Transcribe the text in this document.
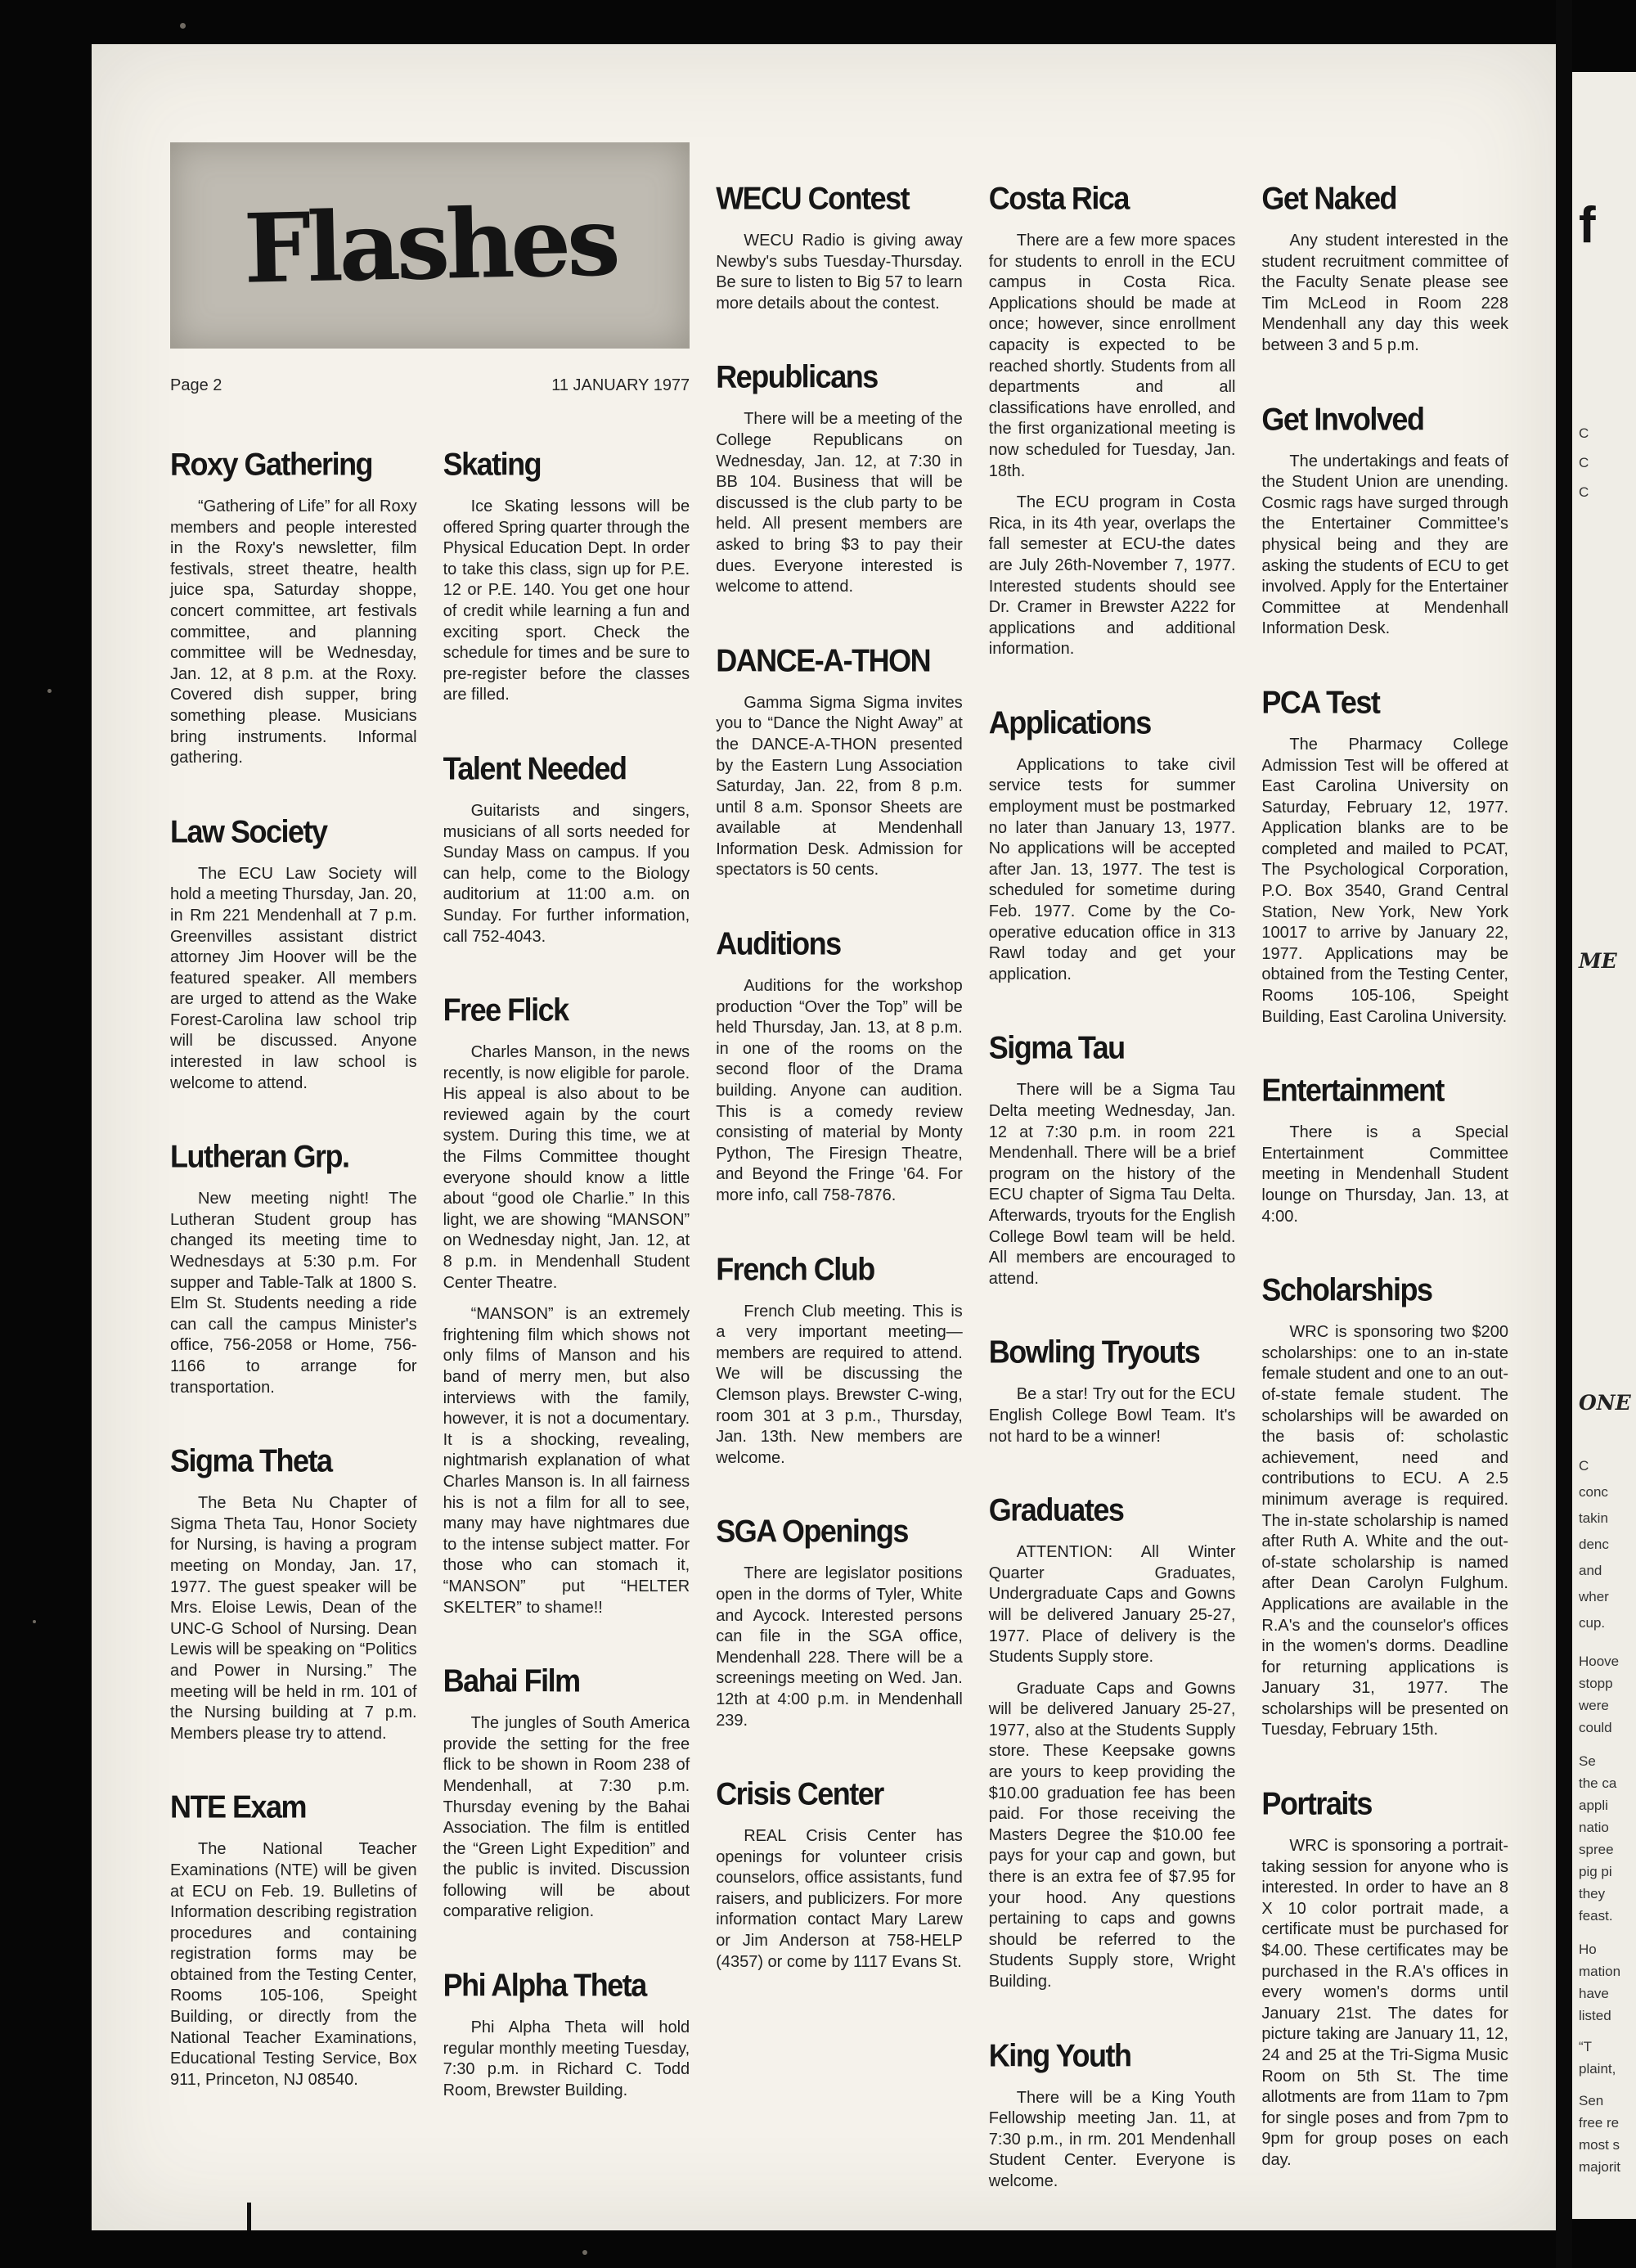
Flashes
Page 2	11 JANUARY 1977
Roxy Gathering

“Gathering of Life” for all Roxy members and people interested in the Roxy's newsletter, film festivals, street theatre, health juice spa, Saturday shoppe, concert committee, art festivals committee, and planning committee will be Wednesday, Jan. 12, at 8 p.m. at the Roxy. Covered dish supper, bring something please. Musicians bring instruments. Informal gathering.

Law Society

The ECU Law Society will hold a meeting Thursday, Jan. 20, in Rm 221 Mendenhall at 7 p.m. Greenvilles assistant district attorney Jim Hoover will be the featured speaker. All members are urged to attend as the Wake Forest-Carolina law school trip will be discussed. Anyone interested in law school is welcome to attend.

Lutheran Grp.

New meeting night! The Lutheran Student group has changed its meeting time to Wednesdays at 5:30 p.m. For supper and Table-Talk at 1800 S. Elm St. Students needing a ride can call the campus Minister's office, 756-2058 or Home, 756-1166 to arrange for transportation.

Sigma Theta

The Beta Nu Chapter of Sigma Theta Tau, Honor Society for Nursing, is having a program meeting on Monday, Jan. 17, 1977. The guest speaker will be Mrs. Eloise Lewis, Dean of the UNC-G School of Nursing. Dean Lewis will be speaking on “Politics and Power in Nursing.” The meeting will be held in rm. 101 of the Nursing building at 7 p.m. Members please try to attend.

NTE Exam

The National Teacher Examinations (NTE) will be given at ECU on Feb. 19. Bulletins of Information describing registration procedures and containing registration forms may be obtained from the Testing Center, Rooms 105-106, Speight Building, or directly from the National Teacher Examinations, Educational Testing Service, Box 911, Princeton, NJ 08540.

Skating

Ice Skating lessons will be offered Spring quarter through the Physical Education Dept. In order to take this class, sign up for P.E. 12 or P.E. 140. You get one hour of credit while learning a fun and exciting sport. Check the schedule for times and be sure to pre-register before the classes are filled.

Talent Needed

Guitarists and singers, musicians of all sorts needed for Sunday Mass on campus. If you can help, come to the Biology auditorium at 11:00 a.m. on Sunday. For further information, call 752-4043.

Free Flick

Charles Manson, in the news recently, is now eligible for parole. His appeal is also about to be reviewed again by the court system. During this time, we at the Films Committee thought everyone should know a little about “good ole Charlie.” In this light, we are showing “MANSON” on Wednesday night, Jan. 12, at 8 p.m. in Mendenhall Student Center Theatre.

“MANSON” is an extremely frightening film which shows not only films of Manson and his band of merry men, but also interviews with the family, however, it is not a documentary. It is a shocking, revealing, nightmarish explanation of what Charles Manson is. In all fairness his is not a film for all to see, many may have nightmares due to the intense subject matter. For those who can stomach it, “MANSON” put “HELTER SKELTER” to shame!!

Bahai Film

The jungles of South America provide the setting for the free flick to be shown in Room 238 of Mendenhall, at 7:30 p.m. Thursday evening by the Bahai Association. The film is entitled the “Green Light Expedition” and the public is invited. Discussion following will be about comparative religion.

Phi Alpha Theta

Phi Alpha Theta will hold regular monthly meeting Tuesday, 7:30 p.m. in Richard C. Todd Room, Brewster Building.

WECU Contest

WECU Radio is giving away Newby's subs Tuesday-Thursday. Be sure to listen to Big 57 to learn more details about the contest.

Republicans

There will be a meeting of the College Republicans on Wednesday, Jan. 12, at 7:30 in BB 104. Business that will be discussed is the club party to be held. All present members are asked to bring $3 to pay their dues. Everyone interested is welcome to attend.

DANCE-A-THON

Gamma Sigma Sigma invites you to “Dance the Night Away” at the DANCE-A-THON presented by the Eastern Lung Association Saturday, Jan. 22, from 8 p.m. until 8 a.m. Sponsor Sheets are available at Mendenhall Information Desk. Admission for spectators is 50 cents.

Auditions

Auditions for the workshop production “Over the Top” will be held Thursday, Jan. 13, at 8 p.m. in one of the rooms on the second floor of the Drama building. Anyone can audition. This is a comedy review consisting of material by Monty Python, The Firesign Theatre, and Beyond the Fringe '64. For more info, call 758-7876.

French Club

French Club meeting. This is a very important meeting—members are required to attend. We will be discussing the Clemson plays. Brewster C-wing, room 301 at 3 p.m., Thursday, Jan. 13th. New members are welcome.

SGA Openings

There are legislator positions open in the dorms of Tyler, White and Aycock. Interested persons can file in the SGA office, Mendenhall 228. There will be a screenings meeting on Wed. Jan. 12th at 4:00 p.m. in Mendenhall 239.

Crisis Center

REAL Crisis Center has openings for volunteer crisis counselors, office assistants, fund raisers, and publicizers. For more information contact Mary Larew or Jim Anderson at 758-HELP (4357) or come by 1117 Evans St.

Costa Rica

There are a few more spaces for students to enroll in the ECU campus in Costa Rica. Applications should be made at once; however, since enrollment capacity is expected to be reached shortly. Students from all departments and all classifications have enrolled, and the first organizational meeting is now scheduled for Tuesday, Jan. 18th.

The ECU program in Costa Rica, in its 4th year, overlaps the fall semester at ECU-the dates are July 26th-November 7, 1977. Interested students should see Dr. Cramer in Brewster A222 for applications and additional information.

Applications

Applications to take civil service tests for summer employment must be postmarked no later than January 13, 1977. No applications will be accepted after Jan. 13, 1977. The test is scheduled for sometime during Feb. 1977. Come by the Co-operative education office in 313 Rawl today and get your application.

Sigma Tau

There will be a Sigma Tau Delta meeting Wednesday, Jan. 12 at 7:30 p.m. in room 221 Mendenhall. There will be a brief program on the history of the ECU chapter of Sigma Tau Delta. Afterwards, tryouts for the English College Bowl team will be held. All members are encouraged to attend.

Bowling Tryouts

Be a star! Try out for the ECU English College Bowl Team. It's not hard to be a winner!

Graduates

ATTENTION: All Winter Quarter Graduates, Undergraduate Caps and Gowns will be delivered January 25-27, 1977. Place of delivery is the Students Supply store.

Graduate Caps and Gowns will be delivered January 25-27, 1977, also at the Students Supply store. These Keepsake gowns are yours to keep providing the $10.00 graduation fee has been paid. For those receiving the Masters Degree the $10.00 fee pays for your cap and gown, but there is an extra fee of $7.95 for your hood. Any questions pertaining to caps and gowns should be referred to the Students Supply store, Wright Building.

King Youth

There will be a King Youth Fellowship meeting Jan. 11, at 7:30 p.m., in rm. 201 Mendenhall Student Center. Everyone is welcome.

Get Naked

Any student interested in the student recruitment committee of the Faculty Senate please see Tim McLeod in Room 228 Mendenhall any day this week between 3 and 5 p.m.

Get Involved

The undertakings and feats of the Student Union are unending. Cosmic rags have surged through the Entertainer Committee's physical being and they are asking the students of ECU to get involved. Apply for the Entertainer Committee at Mendenhall Information Desk.

PCA Test

The Pharmacy College Admission Test will be offered at East Carolina University on Saturday, February 12, 1977. Application blanks are to be completed and mailed to PCAT, The Psychological Corporation, P.O. Box 3540, Grand Central Station, New York, New York 10017 to arrive by January 22, 1977. Applications may be obtained from the Testing Center, Rooms 105-106, Speight Building, East Carolina University.

Entertainment

There is a Special Entertainment Committee meeting in Mendenhall Student lounge on Thursday, Jan. 13, at 4:00.

Scholarships

WRC is sponsoring two $200 scholarships: one to an in-state female student and one to an out-of-state female student. The scholarships will be awarded on the basis of: scholastic achievement, need and contributions to ECU. A 2.5 minimum average is required. The in-state scholarship is named after Ruth A. White and the out-of-state scholarship is named after Dean Carolyn Fulghum. Applications are available in the R.A's and the counselor's offices in the women's dorms. Deadline for returning applications is January 31, 1977. The scholarships will be presented on Tuesday, February 15th.

Portraits

WRC is sponsoring a portrait-taking session for anyone who is interested. In order to have an 8 X 10 color portrait made, a certificate must be purchased for $4.00. These certificates may be purchased in the R.A's offices in every women's dorms until January 21st. The dates for picture taking are January 11, 12, 24 and 25 at the Tri-Sigma Music Room on 5th St. The time allotments are from 11am to 7pm for single poses and from 7pm to 9pm for group poses on each day.

f
C
C
C
ME
ONE
C
conc
takin
denc
and
wher
cup.
Hoove
stopp
were
could
Se
the ca
appli
natio
spree
pig pi
they
feast.
Ho
mation
have
listed
“T
plaint,
Sen
free re
most s
majorit
